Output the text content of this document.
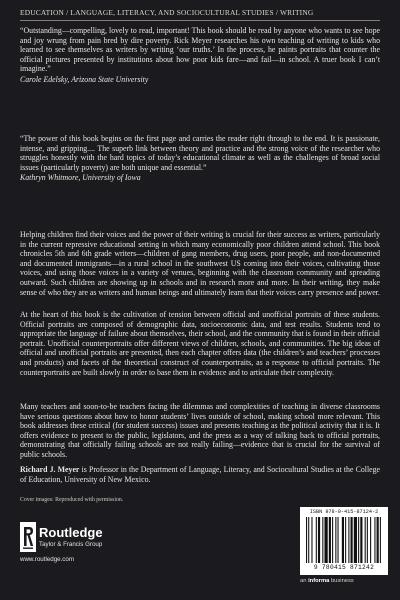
EDUCATION / LANGUAGE, LITERACY, AND SOCIOCULTURAL STUDIES / WRITING

“Outstanding—compelling, lovely to read, important! This book should be read by anyone who wants to see hope and joy wrung from pain bred by dire poverty. Rick Meyer researches his own teaching of writing to kids who learned to see themselves as writers by writing ‘our truths.’ In the process, he paints portraits that counter the official pictures presented by institutions about how poor kids fare—and fail—in school. A truer book I can’t imagine.”

Carole Edelsky, Arizona State University

“The power of this book begins on the first page and carries the reader right through to the end. It is passionate, intense, and gripping.... The superb link between theory and practice and the strong voice of the researcher who struggles honestly with the hard topics of today’s educational climate as well as the challenges of broad social issues (particularly poverty) are both unique and essential.”

Kathryn Whitmore, University of Iowa

Helping children find their voices and the power of their writing is crucial for their success as writers, particularly in the current repressive educational setting in which many economically poor children attend school. This book chronicles 5th and 6th grade writers—children of gang members, drug users, poor people, and non-documented and documented immigrants—in a rural school in the southwest US coming into their voices, cultivating those voices, and using those voices in a variety of venues, beginning with the classroom community and spreading outward. Such children are showing up in schools and in research more and more. In their writing, they make sense of who they are as writers and human beings and ultimately learn that their voices carry presence and power.

At the heart of this book is the cultivation of tension between official and unofficial portraits of these students. Official portraits are composed of demographic data, socioeconomic data, and test results. Students tend to appropriate the language of failure about themselves, their school, and the community that is found in their official portrait. Unofficial counterportraits offer different views of children, schools, and communities. The big ideas of official and unofficial portraits are presented, then each chapter offers data (the children’s and teachers’ processes and products) and facets of the theoretical construct of counterportraits, as a response to official portraits. The counterportraits are built slowly in order to base them in evidence and to articulate their complexity.

Many teachers and soon-to-be teachers facing the dilemmas and complexities of teaching in diverse classrooms have serious questions about how to honor students’ lives outside of school, making school more relevant. This book addresses these critical (for student success) issues and presents teaching as the political activity that it is. It offers evidence to present to the public, legislators, and the press as a way of talking back to official portraits, demonstrating that officially failing schools are not really failing—evidence that is crucial for the survival of public schools.

Richard J. Meyer is Professor in the Department of Language, Literacy, and Sociocultural Studies at the College of Education, University of New Mexico.

Cover images: Reproduced with permission.
Routledge
Taylor & Francis Group
www.routledge.com
ISBN 978-0-415-87124-2
9 780415 871242
an informa business
